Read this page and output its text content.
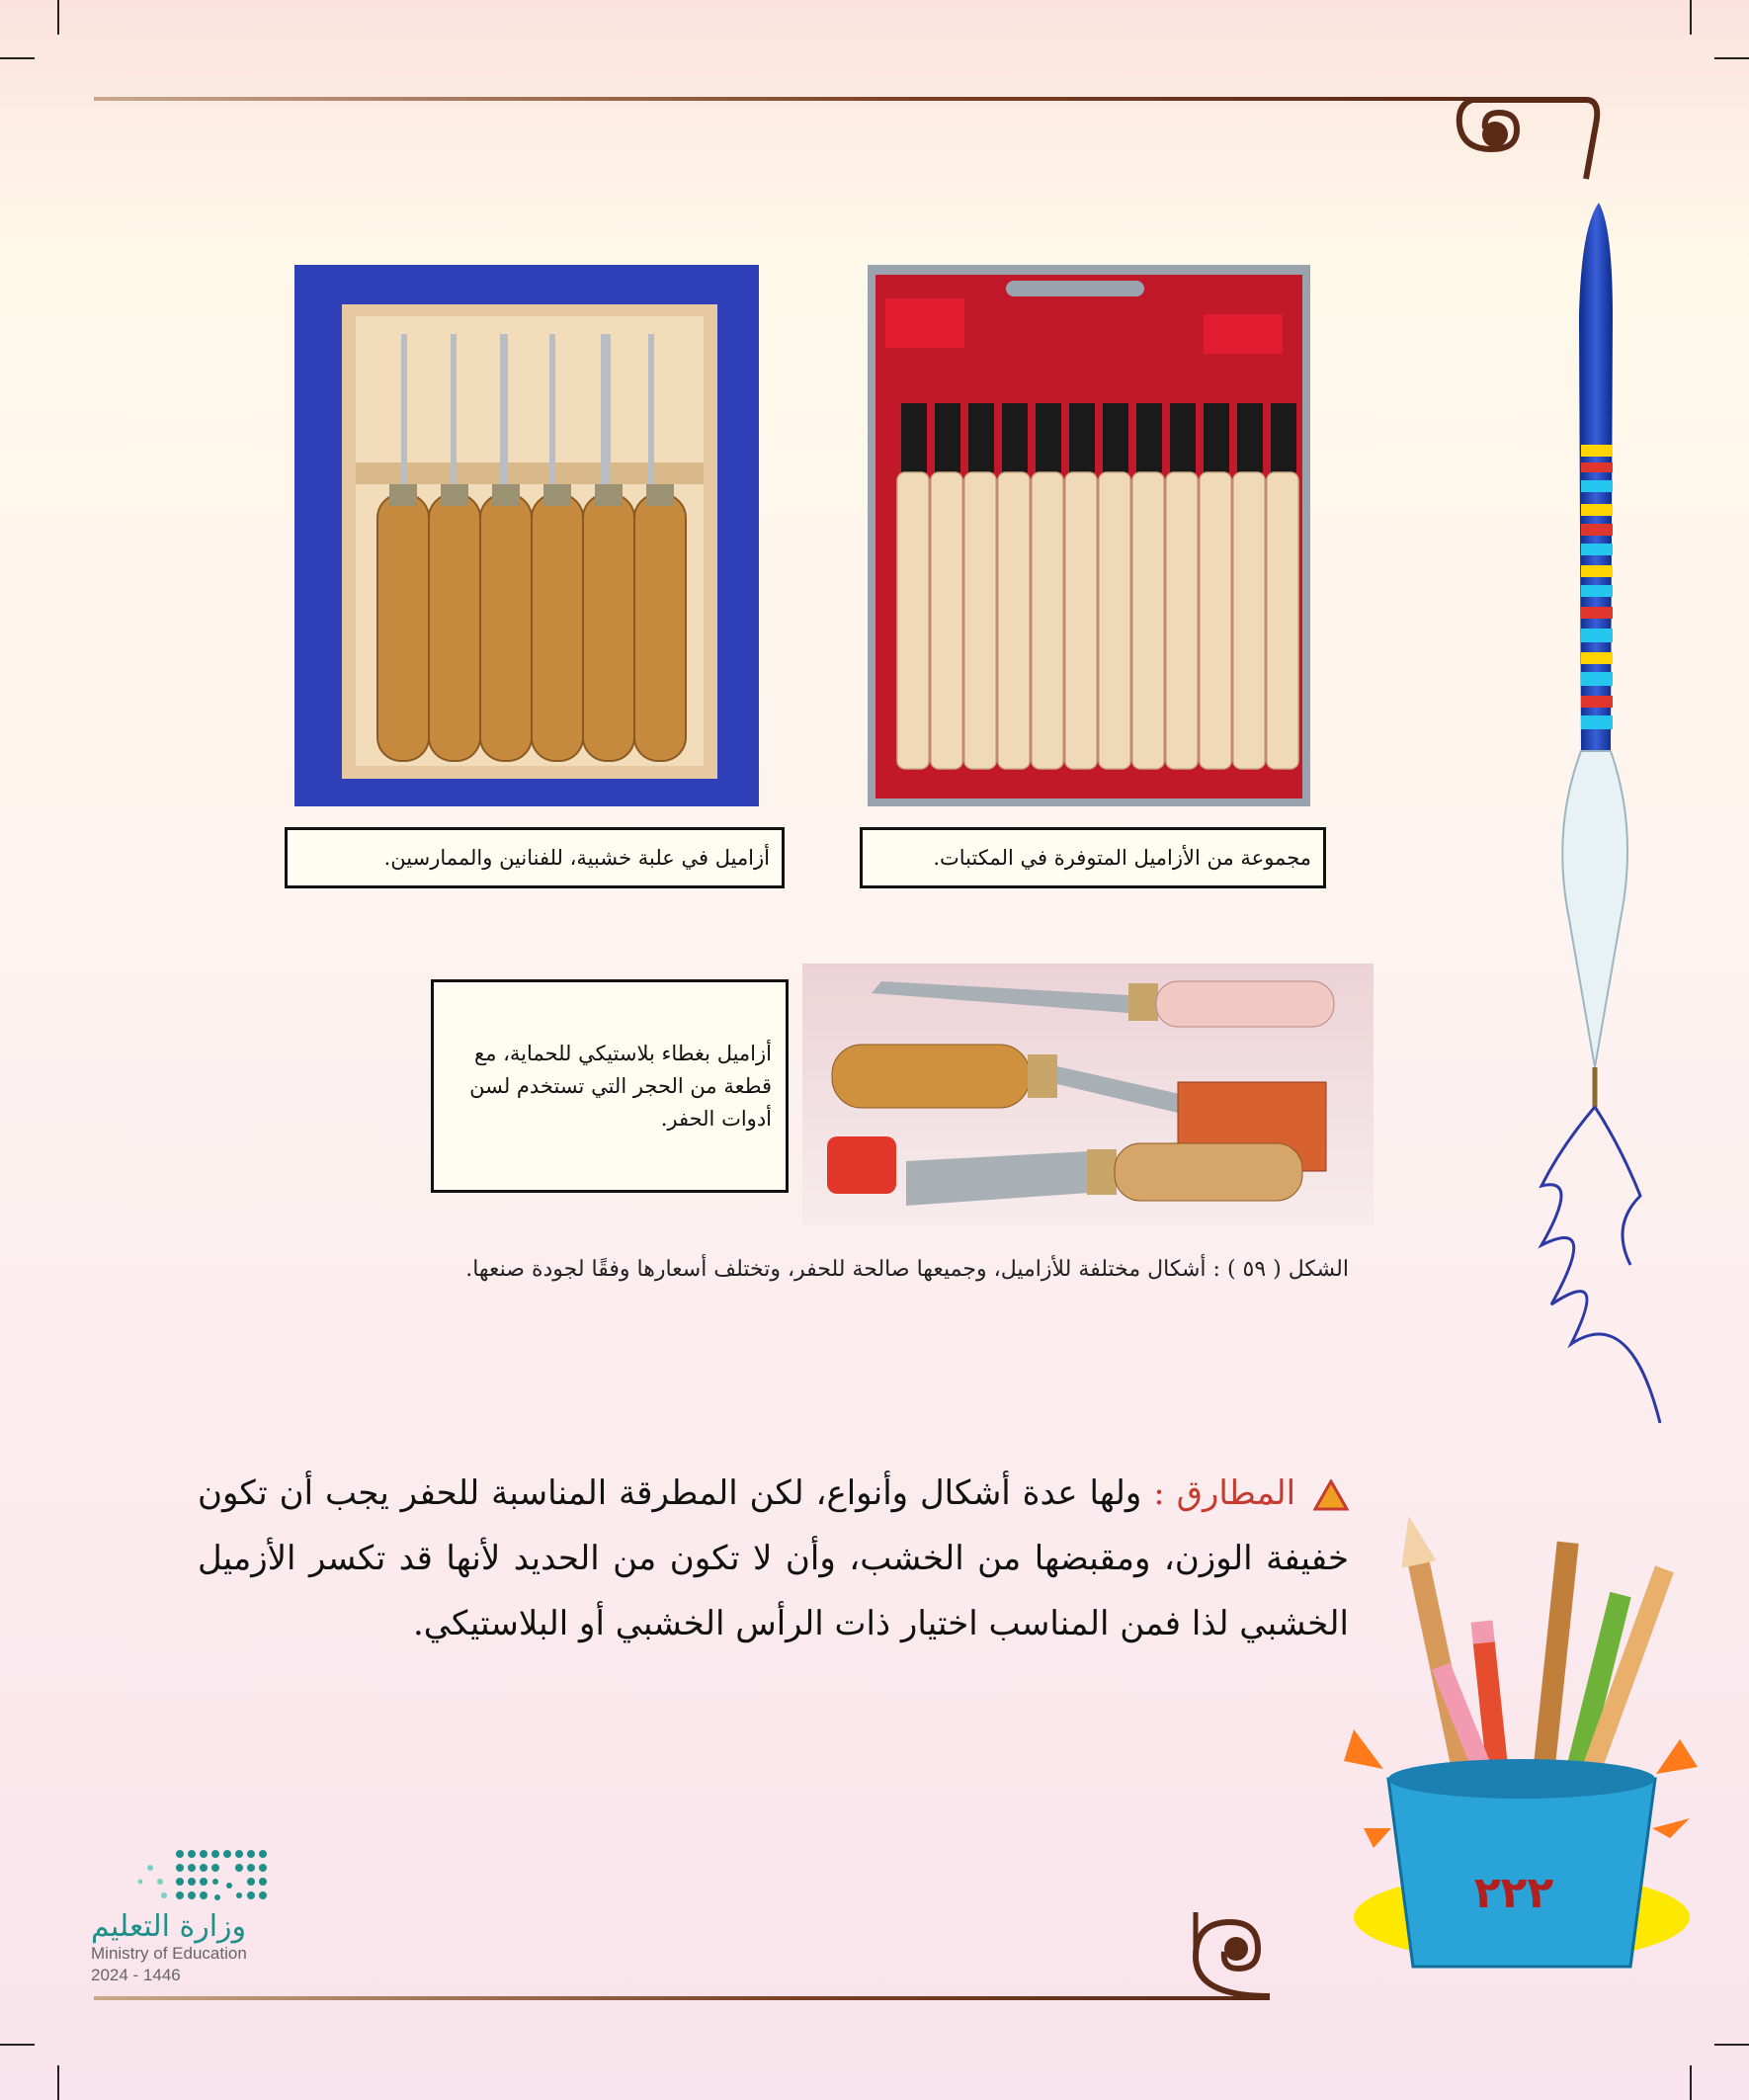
أزاميل في علبة خشبية، للفنانين والممارسين.	مجموعة من الأزاميل المتوفرة في المكتبات.
أزاميل بغطاء بلاستيكي للحماية، مع قطعة من الحجر التي تستخدم لسن أدوات الحفر.
الشكل ( ٥٩ ) : أشكال مختلفة للأزاميل، وجميعها صالحة للحفر، وتختلف أسعارها وفقًا لجودة صنعها.
المطارق : ولها عدة أشكال وأنواع، لكن المطرقة المناسبة للحفر يجب أن تكون خفيفة الوزن، ومقبضها من الخشب، وأن لا تكون من الحديد لأنها قد تكسر الأزميل الخشبي لذا فمن المناسب اختيار ذات الرأس الخشبي أو البلاستيكي.
٢٢٢
وزارة التعليم
Ministry of Education
2024 - 1446
